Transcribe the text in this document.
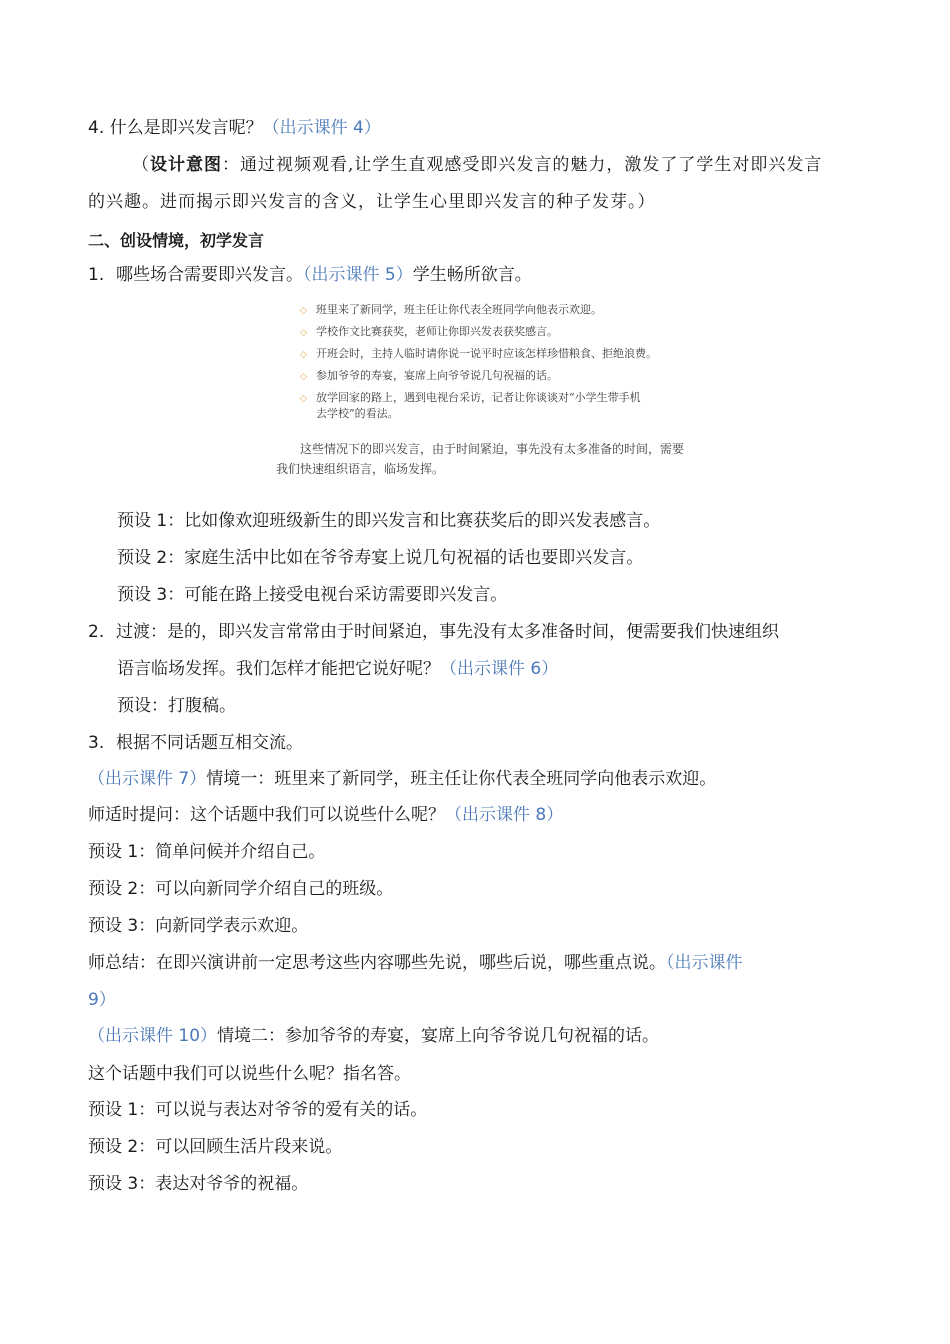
4. 什么是即兴发言呢？（出示课件 4）
（设计意图：通过视频观看,让学生直观感受即兴发言的魅力，激发了了学生对即兴发言
的兴趣。进而揭示即兴发言的含义，让学生心里即兴发言的种子发芽。）
二、创设情境，初学发言
1. 哪些场合需要即兴发言。（出示课件 5）学生畅所欲言。
◇ 班里来了新同学，班主任让你代表全班同学向他表示欢迎。
◇ 学校作文比赛获奖，老师让你即兴发表获奖感言。
◇ 开班会时，主持人临时请你说一说平时应该怎样珍惜粮食、拒绝浪费。
◇ 参加爷爷的寿宴，宴席上向爷爷说几句祝福的话。
◇ 放学回家的路上，遇到电视台采访，记者让你谈谈对“小学生带手机
去学校”的看法。
这些情况下的即兴发言，由于时间紧迫，事先没有太多准备的时间，需要
我们快速组织语言，临场发挥。
预设 1：比如像欢迎班级新生的即兴发言和比赛获奖后的即兴发表感言。
预设 2：家庭生活中比如在爷爷寿宴上说几句祝福的话也要即兴发言。
预设 3：可能在路上接受电视台采访需要即兴发言。
2. 过渡：是的，即兴发言常常由于时间紧迫，事先没有太多准备时间，便需要我们快速组织
语言临场发挥。我们怎样才能把它说好呢？（出示课件 6）
预设：打腹稿。
3. 根据不同话题互相交流。
（出示课件 7）情境一：班里来了新同学，班主任让你代表全班同学向他表示欢迎。
师适时提问：这个话题中我们可以说些什么呢？（出示课件 8）
预设 1：简单问候并介绍自己。
预设 2：可以向新同学介绍自己的班级。
预设 3：向新同学表示欢迎。
师总结：在即兴演讲前一定思考这些内容哪些先说，哪些后说，哪些重点说。（出示课件
9）
（出示课件 10）情境二：参加爷爷的寿宴，宴席上向爷爷说几句祝福的话。
这个话题中我们可以说些什么呢？指名答。
预设 1：可以说与表达对爷爷的爱有关的话。
预设 2：可以回顾生活片段来说。
预设 3：表达对爷爷的祝福。
